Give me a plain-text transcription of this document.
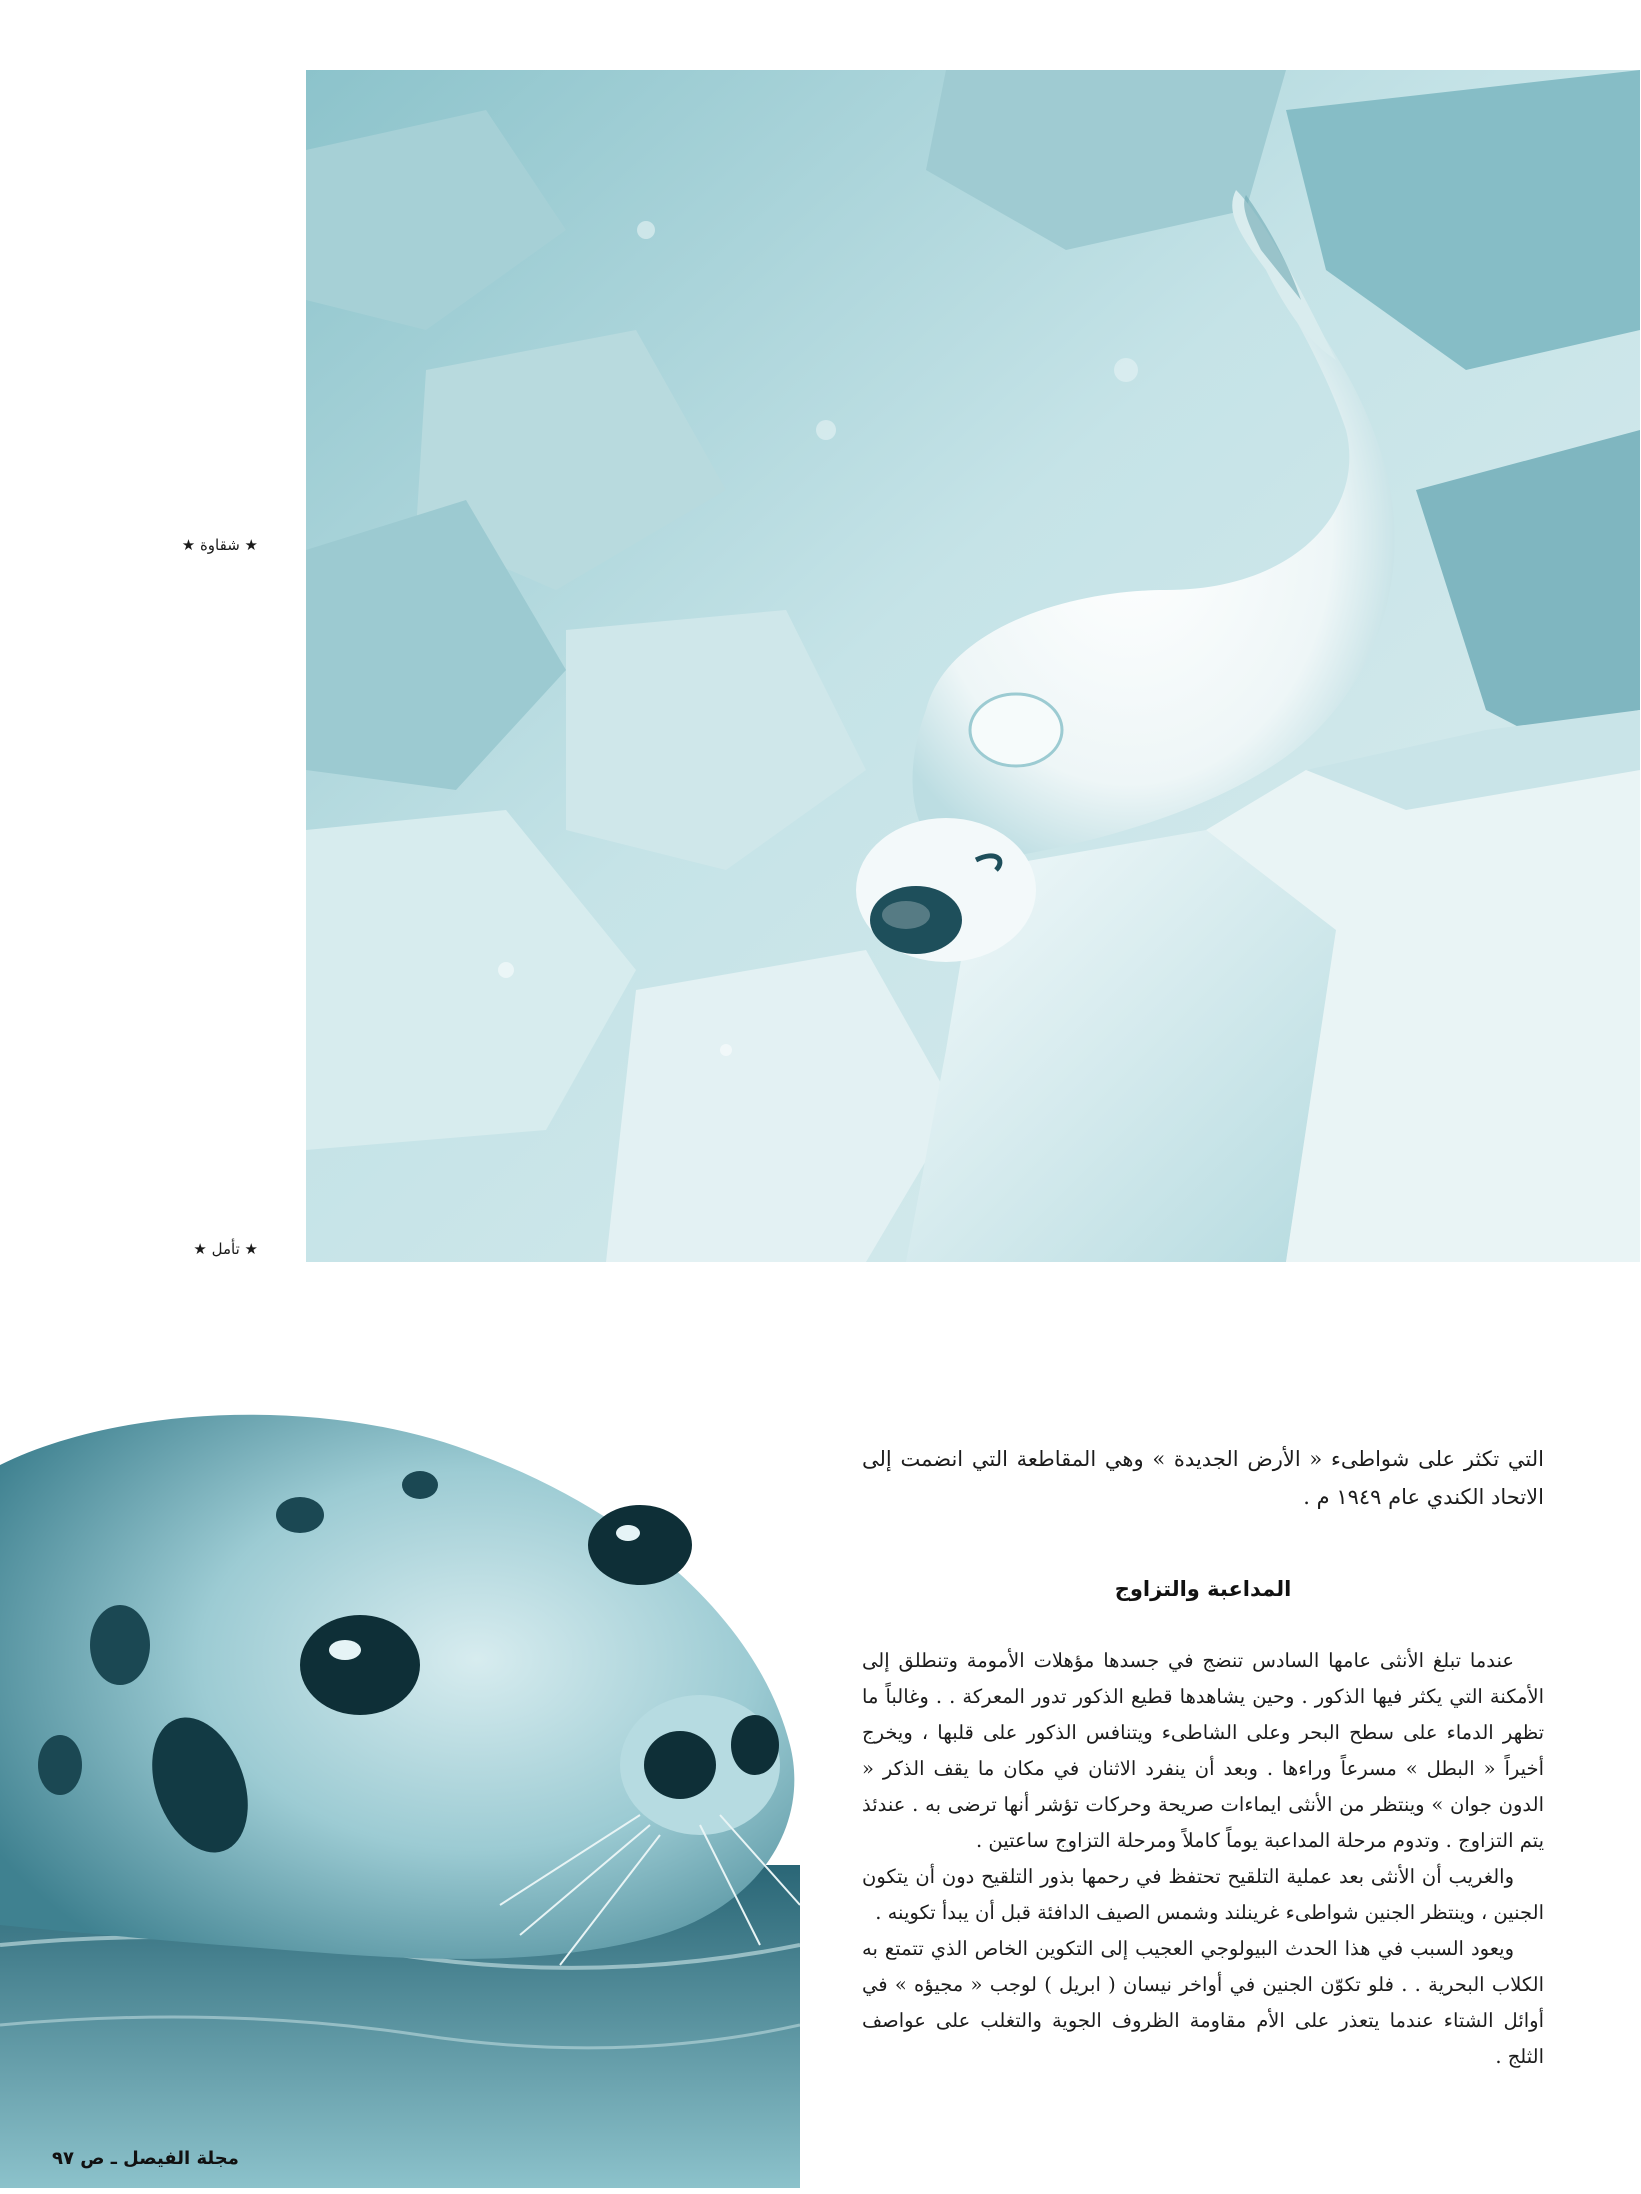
★ شقاوة ★
★ تأمل ★
التي تكثر على شواطىء « الأرض الجديدة » وهي المقاطعة التي انضمت إلى الاتحاد الكندي عام ١٩٤٩ م .
المداعبة والتزاوج

عندما تبلغ الأنثى عامها السادس تنضج في جسدها مؤهلات الأمومة وتنطلق إلى الأمكنة التي يكثر فيها الذكور . وحين يشاهدها قطيع الذكور تدور المعركة . . وغالباً ما تظهر الدماء على سطح البحر وعلى الشاطىء ويتنافس الذكور على قلبها ، ويخرج أخيراً « البطل » مسرعاً وراءها . وبعد أن ينفرد الاثنان في مكان ما يقف الذكر « الدون جوان » وينتظر من الأنثى ايماءات صريحة وحركات تؤشر أنها ترضى به . عندئذ يتم التزاوج . وتدوم مرحلة المداعبة يوماً كاملاً ومرحلة التزاوج ساعتين .

والغريب أن الأنثى بعد عملية التلقيح تحتفظ في رحمها بذور التلقيح دون أن يتكون الجنين ، وينتظر الجنين شواطىء غرينلند وشمس الصيف الدافئة قبل أن يبدأ تكوينه .

ويعود السبب في هذا الحدث البيولوجي العجيب إلى التكوين الخاص الذي تتمتع به الكلاب البحرية . . فلو تكوّن الجنين في أواخر نيسان ( ابريل ) لوجب « مجيؤه » في أوائل الشتاء عندما يتعذر على الأم مقاومة الظروف الجوية والتغلب على عواصف الثلج .

مجلة الفيصل ـ ص ٩٧
